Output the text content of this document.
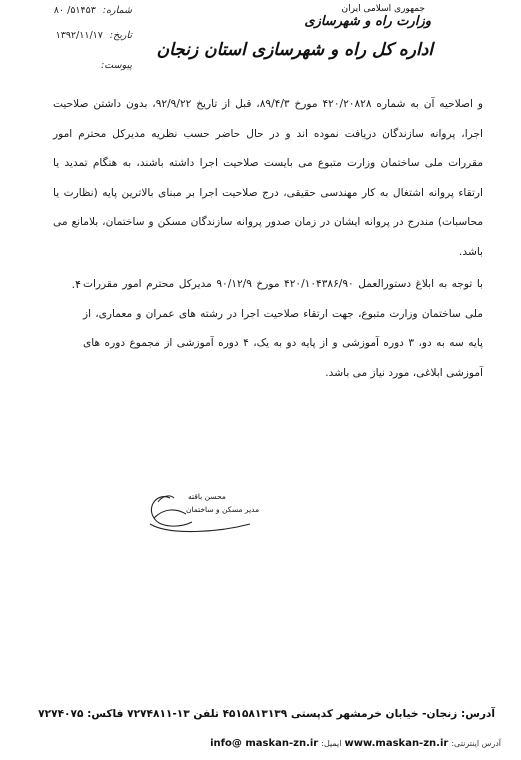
جمهوری اسلامی ایران
وزارت راه و شهرسازی
اداره کل راه و شهرسازی استان زنجان
شماره: ۵۱۴۵۳/ ۸۰
تاریخ: ۱۳۹۲/۱۱/۱۷
پیوست:
و اصلاحیه آن به شماره ۴۲۰/۲۰۸۲۸ مورخ ۸۹/۴/۳، قبل از تاریخ ۹۲/۹/۲۲، بدون داشتن صلاحیت اجرا، پروانه سازندگان دریافت نموده اند و در حال حاضر حسب نظریه مدیرکل محترم امور مقررات ملی ساختمان وزارت متبوع می بایست صلاحیت اجرا داشته باشند، به هنگام تمدید یا ارتقاء پروانه اشتغال به کار مهندسی حقیقی، درج صلاحیت اجرا بر مبنای بالاترین پایه (نظارت یا محاسبات) مندرج در پروانه ایشان در زمان صدور پروانه سازندگان مسکن و ساختمان، بلامانع می باشد.
۴. با توجه به ابلاغ دستورالعمل ۴۲۰/۱۰۴۳۸۶/۹۰ مورخ ۹۰/۱۲/۹ مدیرکل محترم امور مقررات ملی ساختمان وزارت متبوع، جهت ارتقاء صلاحیت اجرا در رشته های عمران و معماری، از پایه سه به دو، ۳ دوره آموزشی و از پایه دو به یک، ۴ دوره آموزشی از مجموع دوره های آموزشی ابلاغی، مورد نیاز می باشد.
محسن باقته
مدیر مسکن و ساختمان
آدرس: زنجان- خیابان خرمشهر کدپستی ۴۵۱۵۸۱۳۱۳۹ تلفن ۱۳-۷۲۷۴۸۱۱ فاکس: ۷۲۷۴۰۷۵
آدرس اینترنتی: www.maskan-zn.ir ایمیل: info@ maskan-zn.ir
